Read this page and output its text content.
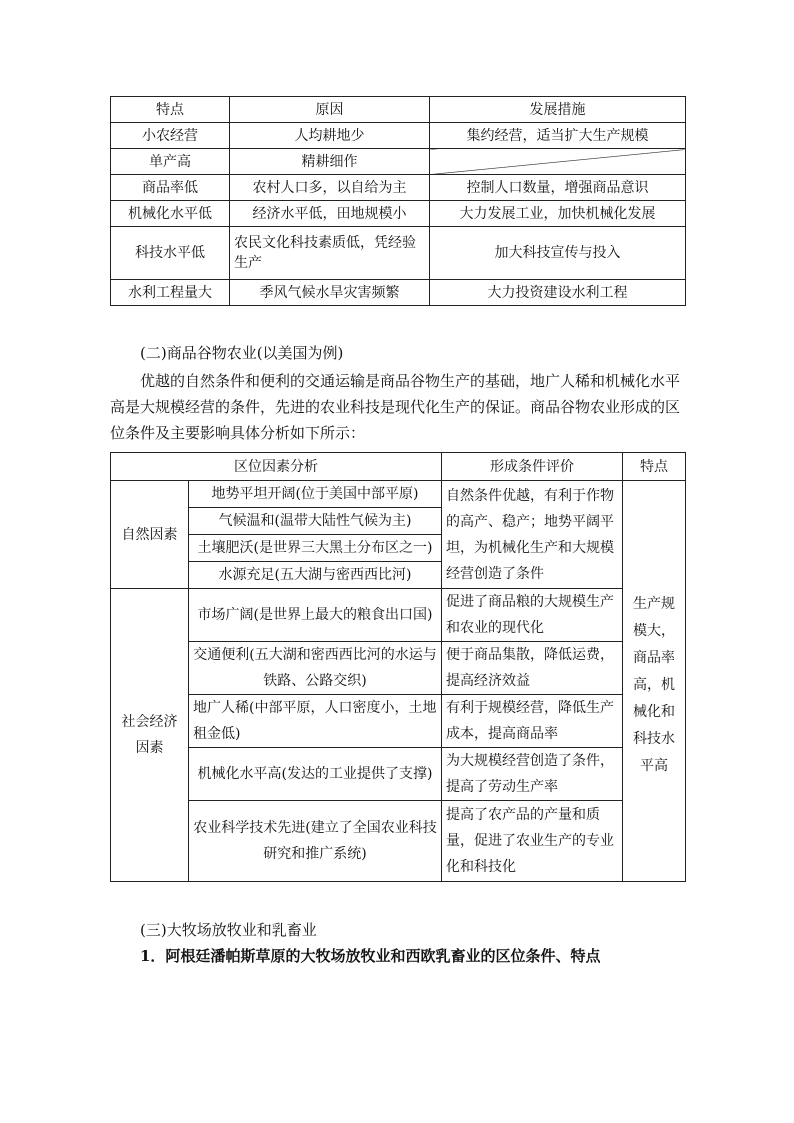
特点	原因	发展措施
小农经营	人均耕地少	集约经营，适当扩大生产规模
单产高	精耕细作	
商品率低	农村人口多，以自给为主	控制人口数量，增强商品意识
机械化水平低	经济水平低，田地规模小	大力发展工业，加快机械化发展
科技水平低	农民文化科技素质低，凭经验生产	加大科技宣传与投入
水利工程量大	季风气候水旱灾害频繁	大力投资建设水利工程
(二)商品谷物农业(以美国为例)
优越的自然条件和便利的交通运输是商品谷物生产的基础，地广人稀和机械化水平高是大规模经营的条件，先进的农业科技是现代化生产的保证。商品谷物农业形成的区位条件及主要影响具体分析如下所示：
区位因素分析		形成条件评价	特点
自然因素	地势平坦开阔(位于美国中部平原)	自然条件优越，有利于作物的高产、稳产；地势平阔平坦，为机械化生产和大规模经营创造了条件	生产规模大，商品率高，机械化和科技水平高
	气候温和(温带大陆性气候为主)		
	土壤肥沃(是世界三大黑土分布区之一)		
	水源充足(五大湖与密西西比河)		
社会经济因素	市场广阔(是世界上最大的粮食出口国)	促进了商品粮的大规模生产和农业的现代化	
	交通便利(五大湖和密西西比河的水运与铁路、公路交织)	便于商品集散，降低运费，提高经济效益	
	地广人稀(中部平原，人口密度小，土地租金低)	有利于规模经营，降低生产成本，提高商品率	
	机械化水平高(发达的工业提供了支撑)	为大规模经营创造了条件，提高了劳动生产率	
	农业科学技术先进(建立了全国农业科技研究和推广系统)	提高了农产品的产量和质量，促进了农业生产的专业化和科技化	
(三)大牧场放牧业和乳畜业
1．阿根廷潘帕斯草原的大牧场放牧业和西欧乳畜业的区位条件、特点
